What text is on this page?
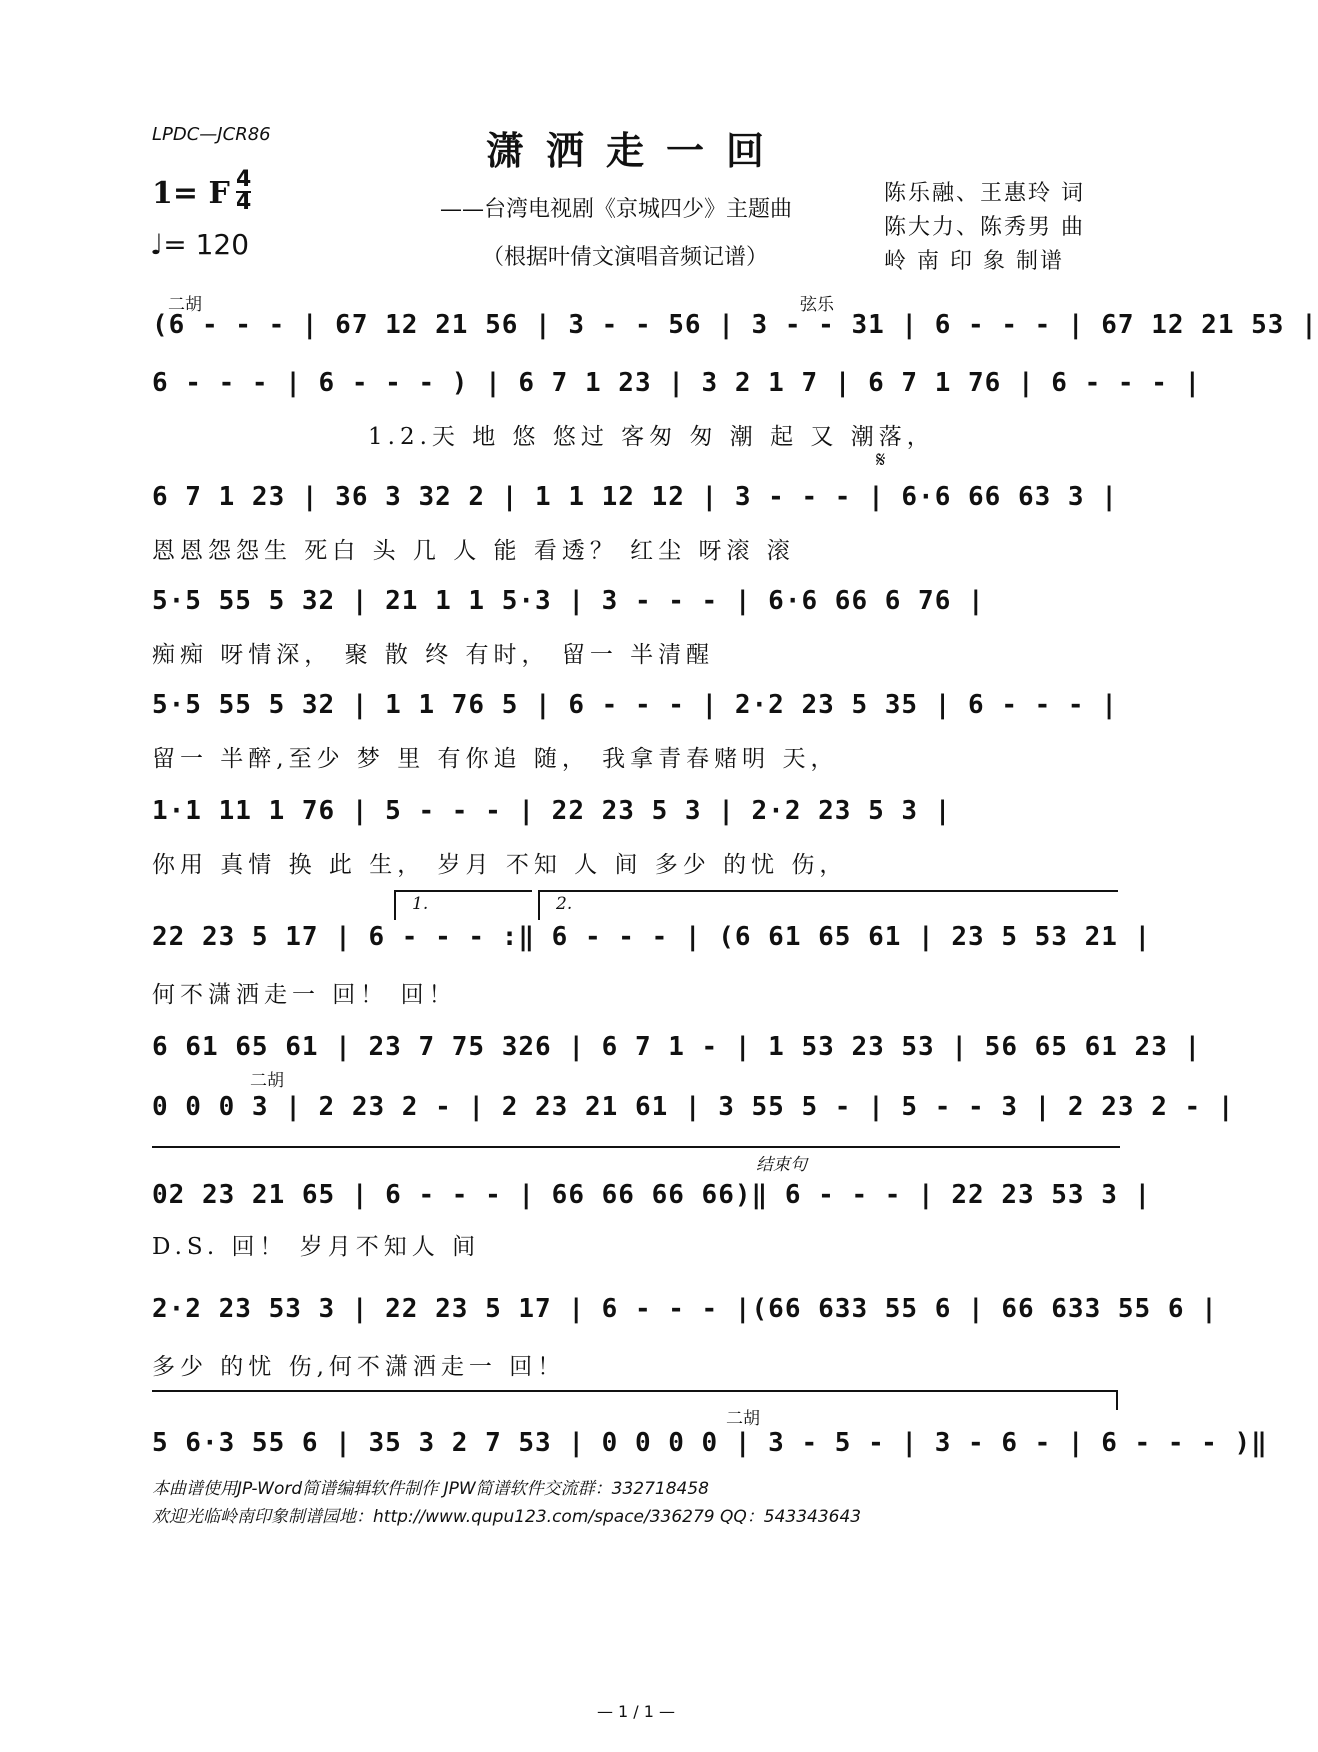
LPDC—JCR86	潇洒走一回
1= F 4
4
♩= 120
——台湾电视剧《京城四少》主题曲
（根据叶倩文演唱音频记谱）
陈乐融、王惠玲 词
陈大力、陈秀男 曲
岭 南 印 象 制谱
二胡	弦乐
𝄋
(6 - - - | 67 12 21 56 | 3 - - 56 | 3 - - 31 | 6 - - - | 67 12 21 53 |
6 - - - | 6 - - - ) | 6 7 1 23 | 3 2 1 7 | 6 7 1 76 | 6 - - - |
1.2.天 地 悠 悠过 客匆 匆 潮 起 又 潮落，
6 7 1 23 | 36 3 32 2 | 1 1 12 12 | 3 - - - | 6·6 66 63 3 |
恩恩怨怨生 死白 头 几 人 能 看透？ 红尘 呀滚 滚
5·5 55 5 32 | 21 1 1 5·3 | 3 - - - | 6·6 66 6 76 |
痴痴 呀情深， 聚 散 终 有时， 留一 半清醒
5·5 55 5 32 | 1 1 76 5 | 6 - - - | 2·2 23 5 35 | 6 - - - |
留一 半醉,至少 梦 里 有你追 随， 我拿青春赌明 天，
1·1 11 1 76 | 5 - - - | 22 23 5 3 | 2·2 23 5 3 |
你用 真情 换 此 生， 岁月 不知 人 间 多少 的忧 伤，
1.	2.
22 23 5 17 | 6 - - - :‖ 6 - - - | (6 61 65 61 | 23 5 53 21 |
何不潇洒走一 回！ 回！
6 61 65 61 | 23 7 75 326 | 6 7 1 - | 1 53 23 53 | 56 65 61 23 |
二胡
0 0 0 3 | 2 23 2 - | 2 23 21 61 | 3 55 5 - | 5 - - 3 | 2 23 2 - |
结束句
02 23 21 65 | 6 - - - | 66 66 66 66)‖ 6 - - - | 22 23 53 3 |
D.S. 回！ 岁月不知人 间
2·2 23 53 3 | 22 23 5 17 | 6 - - - |(66 633 55 6 | 66 633 55 6 |
多少 的忧 伤,何不潇洒走一 回！
二胡
5 6·3 55 6 | 35 3 2 7 53 | 0 0 0 0 | 3 - 5 - | 3 - 6 - | 6 - - - )‖
本曲谱使用JP-Word简谱编辑软件制作 JPW简谱软件交流群：332718458
欢迎光临岭南印象制谱园地：http://www.qupu123.com/space/336279 QQ：543343643
— 1 / 1 —
